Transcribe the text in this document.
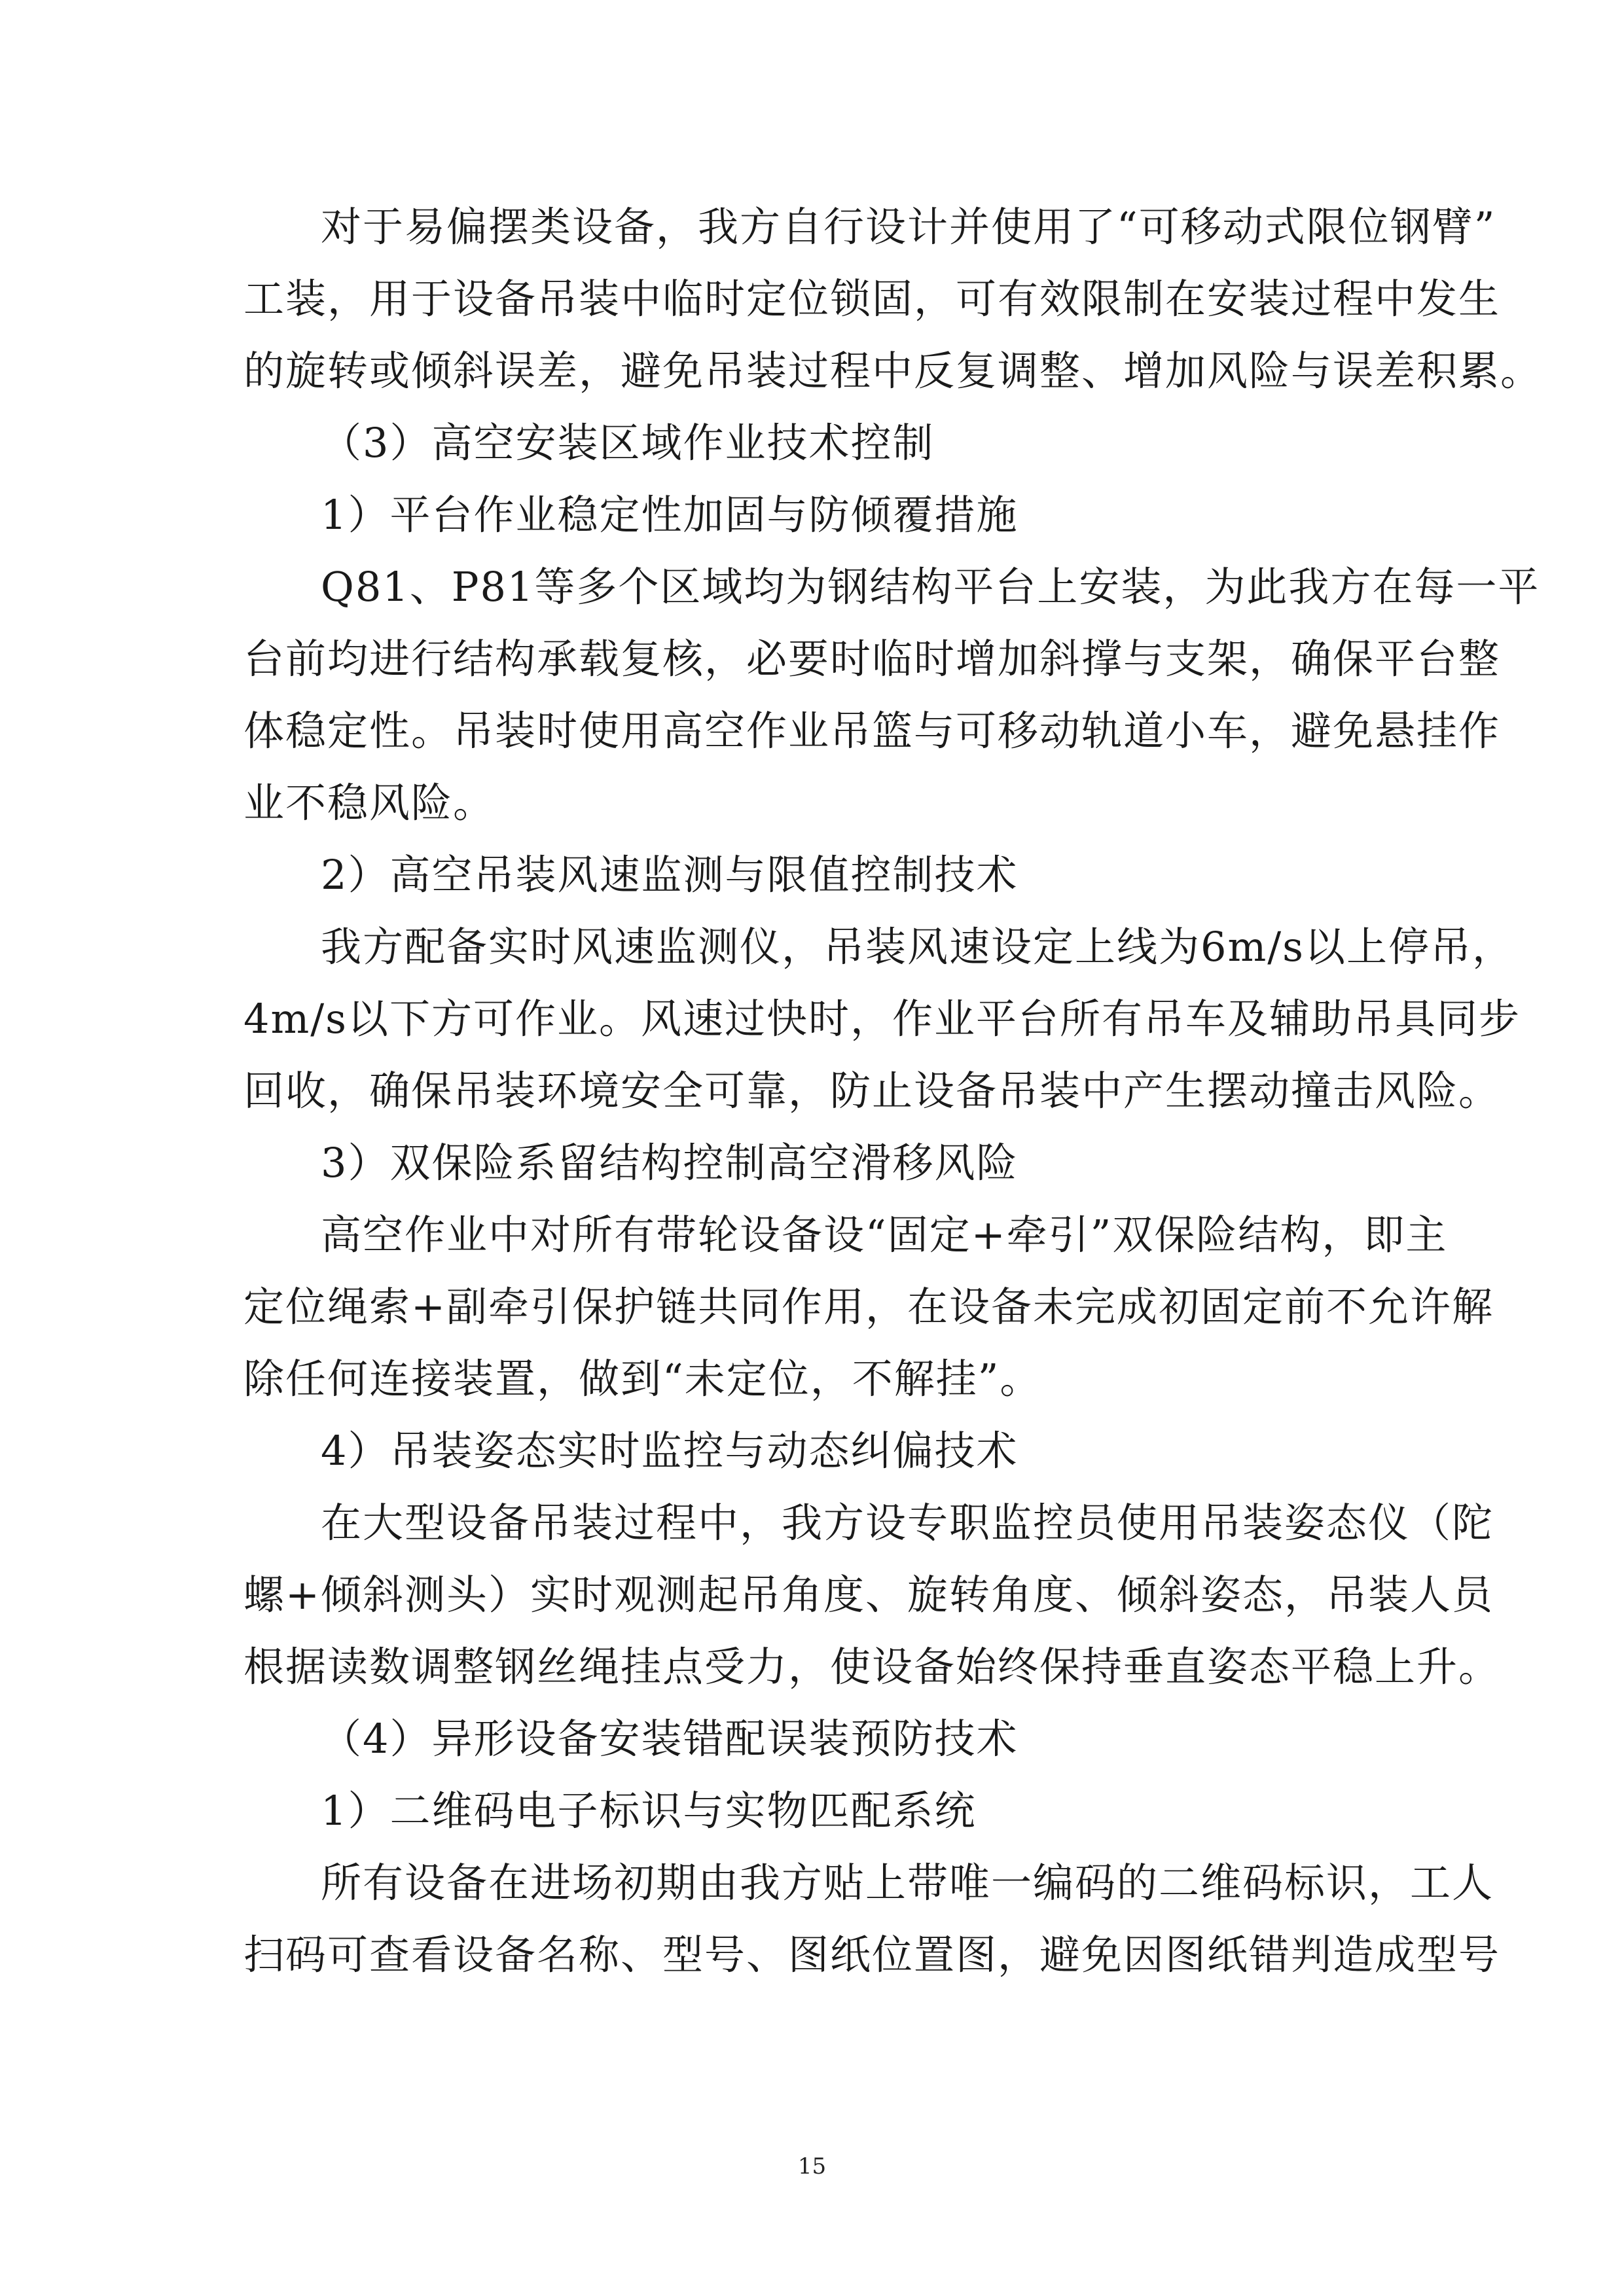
对于易偏摆类设备，我方自行设计并使用了“可移动式限位钢臂”
工装，用于设备吊装中临时定位锁固，可有效限制在安装过程中发生
的旋转或倾斜误差，避免吊装过程中反复调整、增加风险与误差积累。
（3）高空安装区域作业技术控制
1）平台作业稳定性加固与防倾覆措施
Q81、P81等多个区域均为钢结构平台上安装，为此我方在每一平
台前均进行结构承载复核，必要时临时增加斜撑与支架，确保平台整
体稳定性。吊装时使用高空作业吊篮与可移动轨道小车，避免悬挂作
业不稳风险。
2）高空吊装风速监测与限值控制技术
我方配备实时风速监测仪，吊装风速设定上线为6m/s以上停吊，
4m/s以下方可作业。风速过快时，作业平台所有吊车及辅助吊具同步
回收，确保吊装环境安全可靠，防止设备吊装中产生摆动撞击风险。
3）双保险系留结构控制高空滑移风险
高空作业中对所有带轮设备设“固定+牵引”双保险结构，即主
定位绳索+副牵引保护链共同作用，在设备未完成初固定前不允许解
除任何连接装置，做到“未定位，不解挂”。
4）吊装姿态实时监控与动态纠偏技术
在大型设备吊装过程中，我方设专职监控员使用吊装姿态仪（陀
螺+倾斜测头）实时观测起吊角度、旋转角度、倾斜姿态，吊装人员
根据读数调整钢丝绳挂点受力，使设备始终保持垂直姿态平稳上升。
（4）异形设备安装错配误装预防技术
1）二维码电子标识与实物匹配系统
所有设备在进场初期由我方贴上带唯一编码的二维码标识，工人
扫码可查看设备名称、型号、图纸位置图，避免因图纸错判造成型号
15
